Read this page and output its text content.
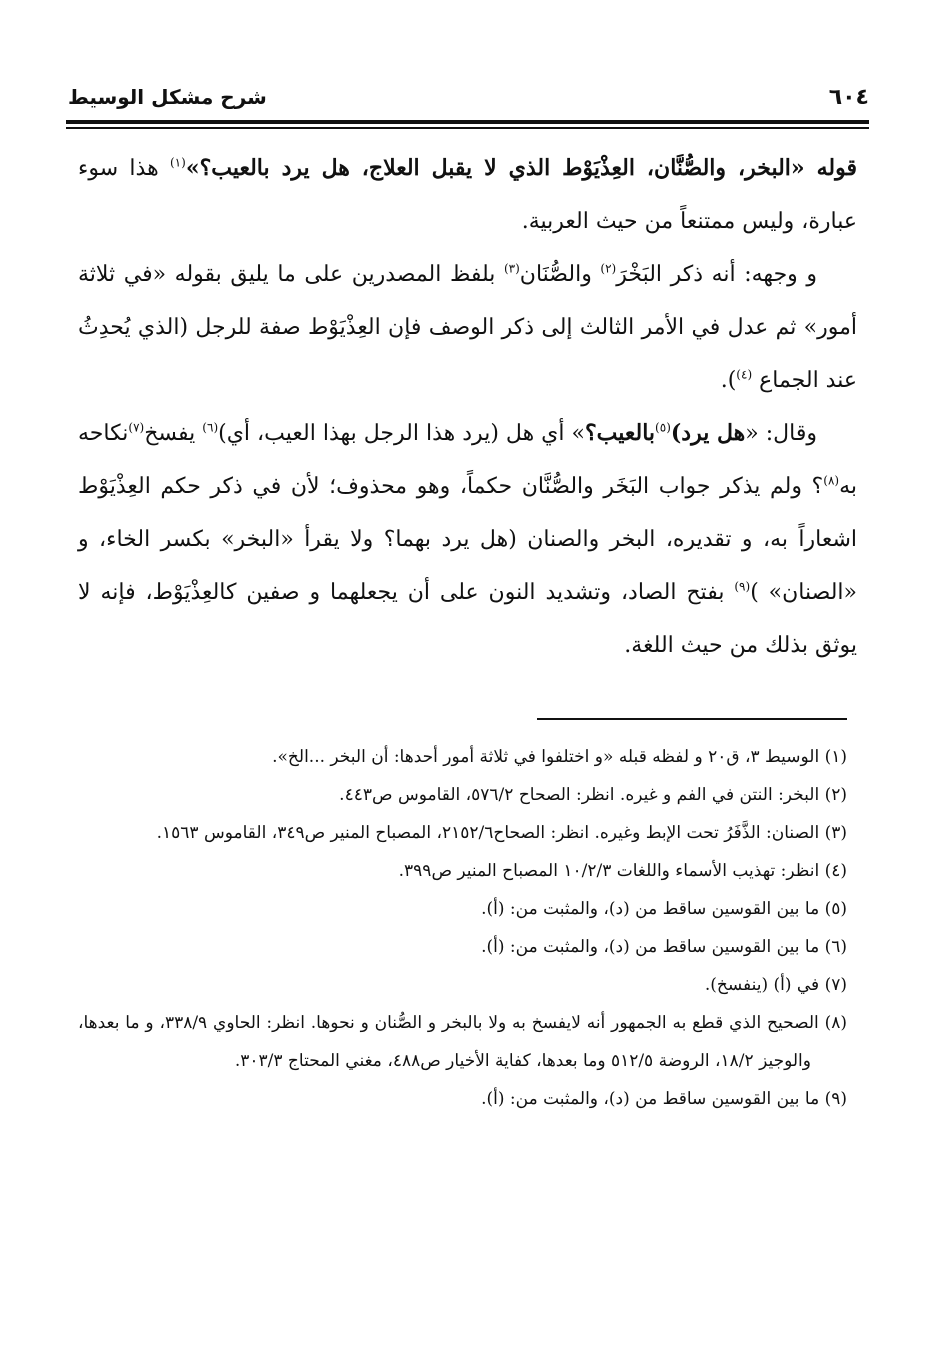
٦٠٤
شرح مشكل الوسيط

قوله «البخر، والصُّنَّان، العِذْيَوْط الذي لا يقبل العلاج، هل يرد بالعيب؟»$^{(١)}$ هذا سوء عبارة، وليس ممتنعاً من حيث العربية.

و وجهه: أنه ذكر البَخْرَ$^{(٢)}$ والصُّنَان$^{(٣)}$ بلفظ المصدرين على ما يليق بقوله «في ثلاثة أمور» ثم عدل في الأمر الثالث إلى ذكر الوصف فإن العِذْيَوْط صفة للرجل (الذي يُحدِثُ عند الجماع $^{(٤)}$).

وقال: «هل يرد)$^{(٥)}$بالعيب؟» أي هل (يرد هذا الرجل بهذا العيب، أي)$^{(٦)}$ يفسخ$^{(٧)}$نكاحه به$^{(٨)}$؟ ولم يذكر جواب البَخَر والصُّنَّان حكماً، وهو محذوف؛ لأن في ذكر حكم العِذْيَوْط اشعاراً به، و تقديره، البخر والصنان (هل يرد بهما؟ ولا يقرأ «البخر» بكسر الخاء، و «الصنان» )$^{(٩)}$ بفتح الصاد، وتشديد النون على أن يجعلهما و صفين كالعِذْيَوْط، فإنه لا يوثق بذلك من حيث اللغة.

(١) الوسيط ٣، ق٢٠ و لفظه قبله «و اختلفوا في ثلاثة أمور أحدها: أن البخر ...الخ».

(٢) البخر: النتن في الفم و غيره. انظر: الصحاح ٥٧٦/٢، القاموس ص٤٤٣.

(٣) الصنان: الذَّفَرُ تحت الإبط وغيره. انظر: الصحاح٢١٥٢/٦، المصباح المنير ص٣٤٩، القاموس ١٥٦٣.

(٤) انظر: تهذيب الأسماء واللغات ١٠/٢/٣ المصباح المنير ص٣٩٩.

(٥) ما بين القوسين ساقط من (د)، والمثبت من: (أ).

(٦) ما بين القوسين ساقط من (د)، والمثبت من: (أ).

(٧) في (أ) (ينفسخ).

(٨) الصحيح الذي قطع به الجمهور أنه لايفسخ به ولا بالبخر و الصُّنان و نحوها. انظر: الحاوي ٣٣٨/٩، و ما بعدها، والوجيز ١٨/٢، الروضة ٥١٢/٥ وما بعدها، كفاية الأخيار ص٤٨٨، مغني المحتاج ٣٠٣/٣.

(٩) ما بين القوسين ساقط من (د)، والمثبت من: (أ).
